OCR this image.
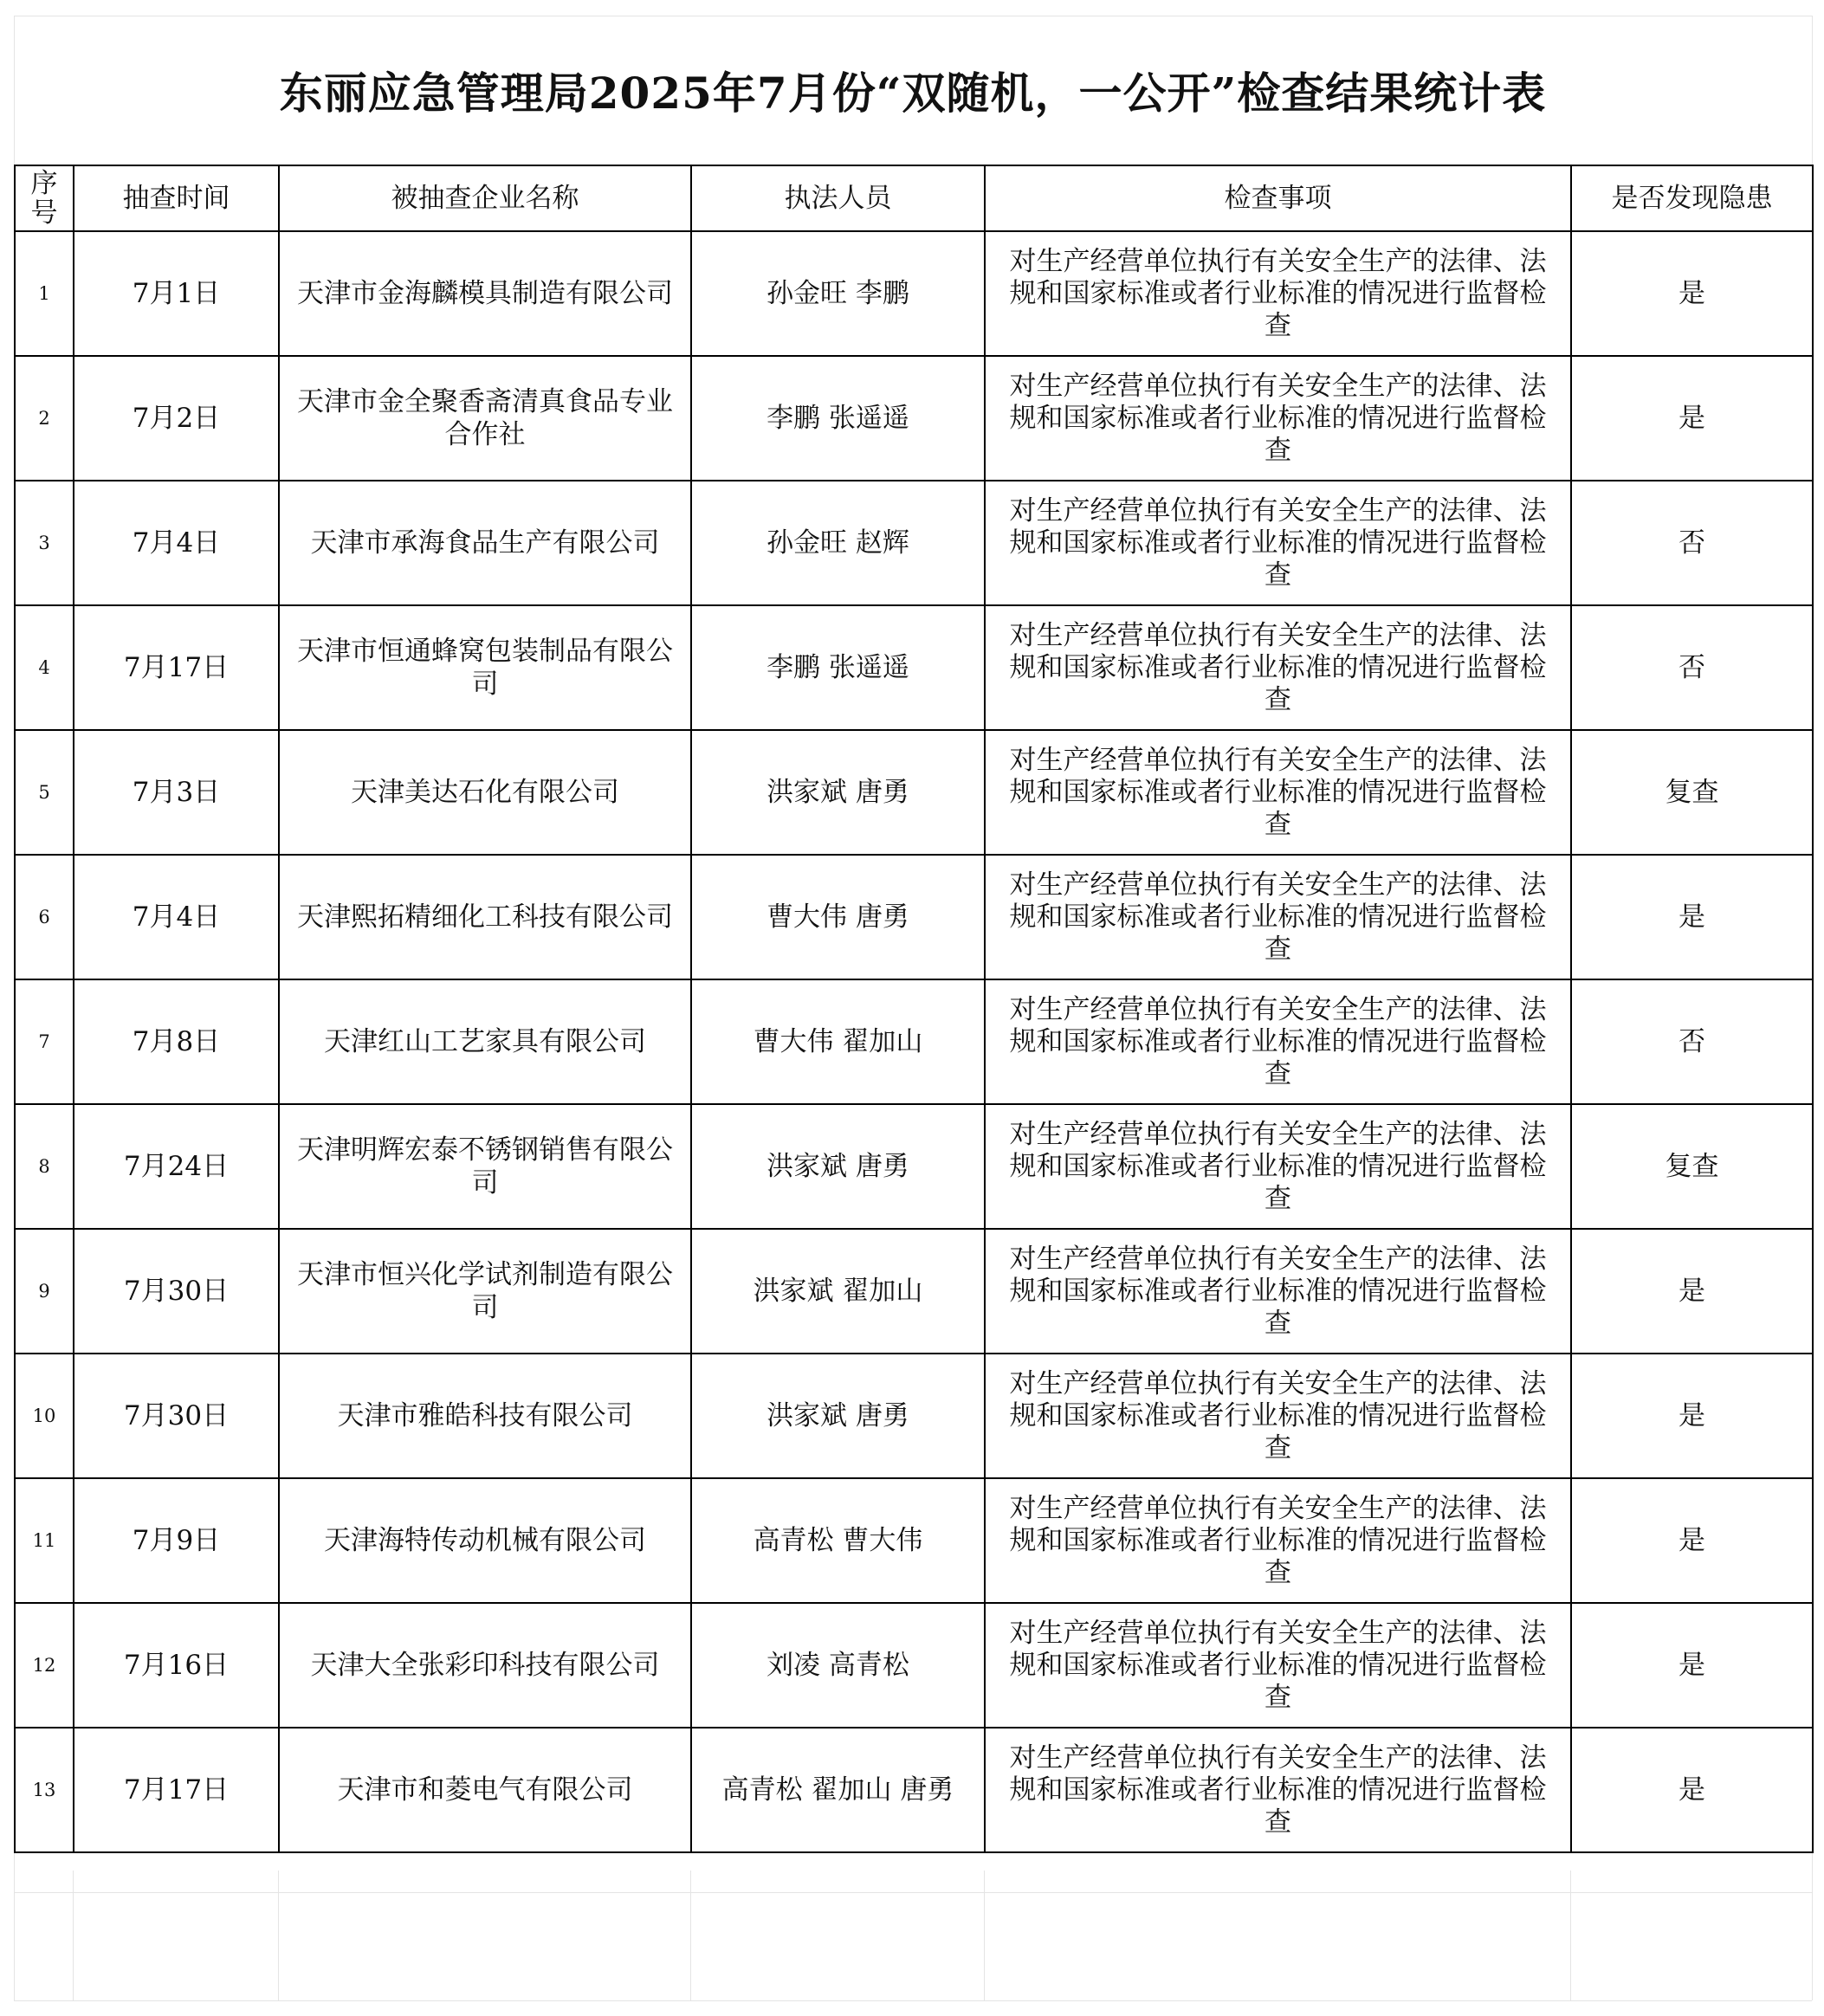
东丽应急管理局2025年7月份“双随机，一公开”检查结果统计表
序号	抽查时间	被抽查企业名称	执法人员	检查事项	是否发现隐患
1	7月1日	天津市金海麟模具制造有限公司	孙金旺 李鹏	对生产经营单位执行有关安全生产的法律、法规和国家标准或者行业标准的情况进行监督检查	是
2	7月2日	天津市金全聚香斋清真食品专业合作社	李鹏 张遥遥	对生产经营单位执行有关安全生产的法律、法规和国家标准或者行业标准的情况进行监督检查	是
3	7月4日	天津市承海食品生产有限公司	孙金旺 赵辉	对生产经营单位执行有关安全生产的法律、法规和国家标准或者行业标准的情况进行监督检查	否
4	7月17日	天津市恒通蜂窝包装制品有限公司	李鹏 张遥遥	对生产经营单位执行有关安全生产的法律、法规和国家标准或者行业标准的情况进行监督检查	否
5	7月3日	天津美达石化有限公司	洪家斌 唐勇	对生产经营单位执行有关安全生产的法律、法规和国家标准或者行业标准的情况进行监督检查	复查
6	7月4日	天津熙拓精细化工科技有限公司	曹大伟 唐勇	对生产经营单位执行有关安全生产的法律、法规和国家标准或者行业标准的情况进行监督检查	是
7	7月8日	天津红山工艺家具有限公司	曹大伟 翟加山	对生产经营单位执行有关安全生产的法律、法规和国家标准或者行业标准的情况进行监督检查	否
8	7月24日	天津明辉宏泰不锈钢销售有限公司	洪家斌 唐勇	对生产经营单位执行有关安全生产的法律、法规和国家标准或者行业标准的情况进行监督检查	复查
9	7月30日	天津市恒兴化学试剂制造有限公司	洪家斌 翟加山	对生产经营单位执行有关安全生产的法律、法规和国家标准或者行业标准的情况进行监督检查	是
10	7月30日	天津市雅皓科技有限公司	洪家斌 唐勇	对生产经营单位执行有关安全生产的法律、法规和国家标准或者行业标准的情况进行监督检查	是
11	7月9日	天津海特传动机械有限公司	高青松 曹大伟	对生产经营单位执行有关安全生产的法律、法规和国家标准或者行业标准的情况进行监督检查	是
12	7月16日	天津大全张彩印科技有限公司	刘凌 高青松	对生产经营单位执行有关安全生产的法律、法规和国家标准或者行业标准的情况进行监督检查	是
13	7月17日	天津市和菱电气有限公司	高青松 翟加山 唐勇	对生产经营单位执行有关安全生产的法律、法规和国家标准或者行业标准的情况进行监督检查	是
